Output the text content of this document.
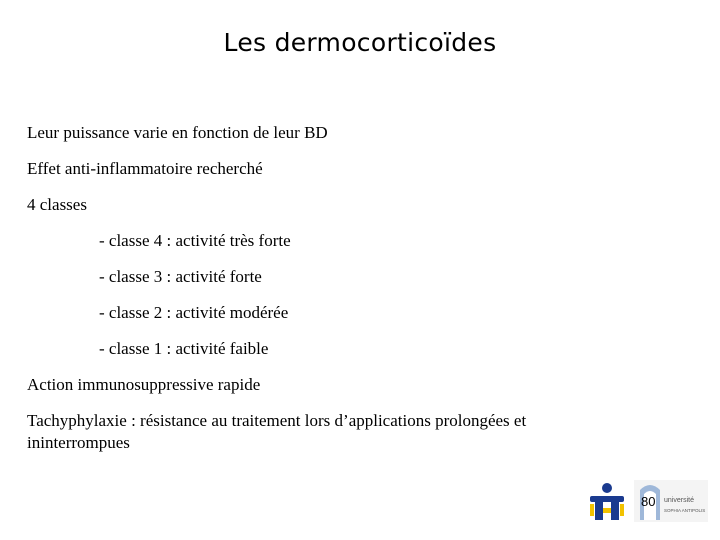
Les dermocorticoïdes

Leur puissance varie en fonction de leur BD

Effet anti-inflammatoire recherché

4 classes

- classe 4 : activité très forte

- classe 3 : activité forte

- classe 2 : activité modérée

- classe 1 : activité faible

Action immunosuppressive rapide

Tachyphylaxie : résistance au traitement lors d’applications prolongées et ininterrompues

université
SOPHIA ANTIPOLIS
80
